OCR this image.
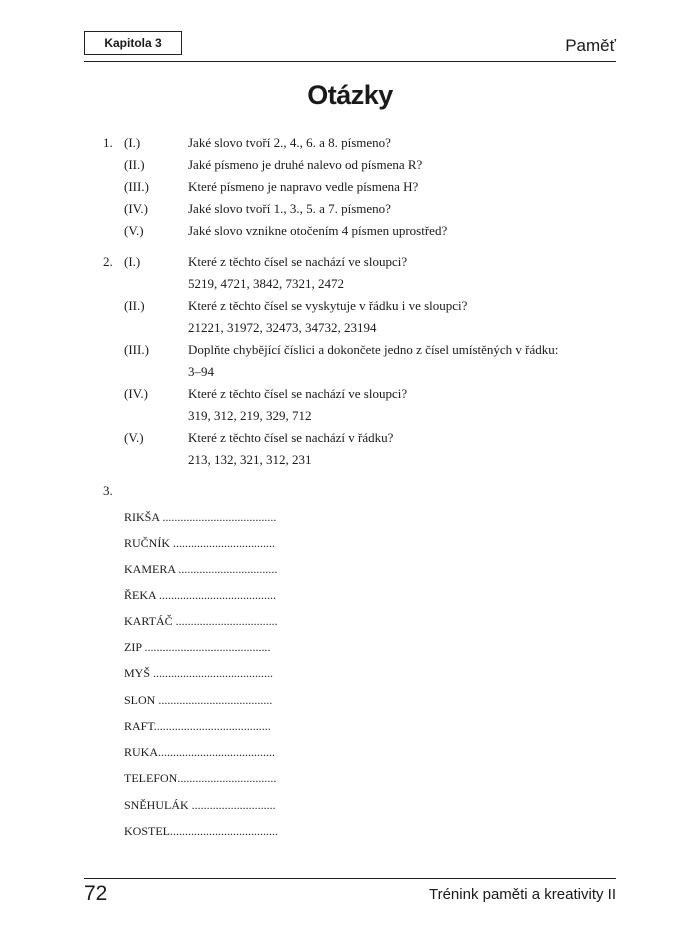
Kapitola 3	Paměť
Otázky
1. (I.)	Jaké slovo tvoří 2., 4., 6. a 8. písmeno?
(II.)	Jaké písmeno je druhé nalevo od písmena R?
(III.)	Které písmeno je napravo vedle písmena H?
(IV.)	Jaké slovo tvoří 1., 3., 5. a 7. písmeno?
(V.)	Jaké slovo vznikne otočením 4 písmen uprostřed?
2. (I.)	Které z těchto čísel se nachází ve sloupci?
5219, 4721, 3842, 7321, 2472
(II.)	Které z těchto čísel se vyskytuje v řádku i ve sloupci?
21221, 31972, 32473, 34732, 23194
(III.)	Doplňte chybějící číslici a dokončete jedno z čísel umístěných v řádku:
3–94
(IV.)	Které z těchto čísel se nachází ve sloupci?
319, 312, 219, 329, 712
(V.)	Které z těchto čísel se nachází v řádku?
213, 132, 321, 312, 231
3.
RIKŠA ......................................
RUČNÍK ..................................
KAMERA .................................
ŘEKA .......................................
KARTÁČ ..................................
ZIP ..........................................
MYŠ ........................................
SLON ......................................
RAFT.......................................
RUKA.......................................
TELEFON.................................
SNĚHULÁK ............................
KOSTEL....................................
72	Trénink paměti a kreativity II
